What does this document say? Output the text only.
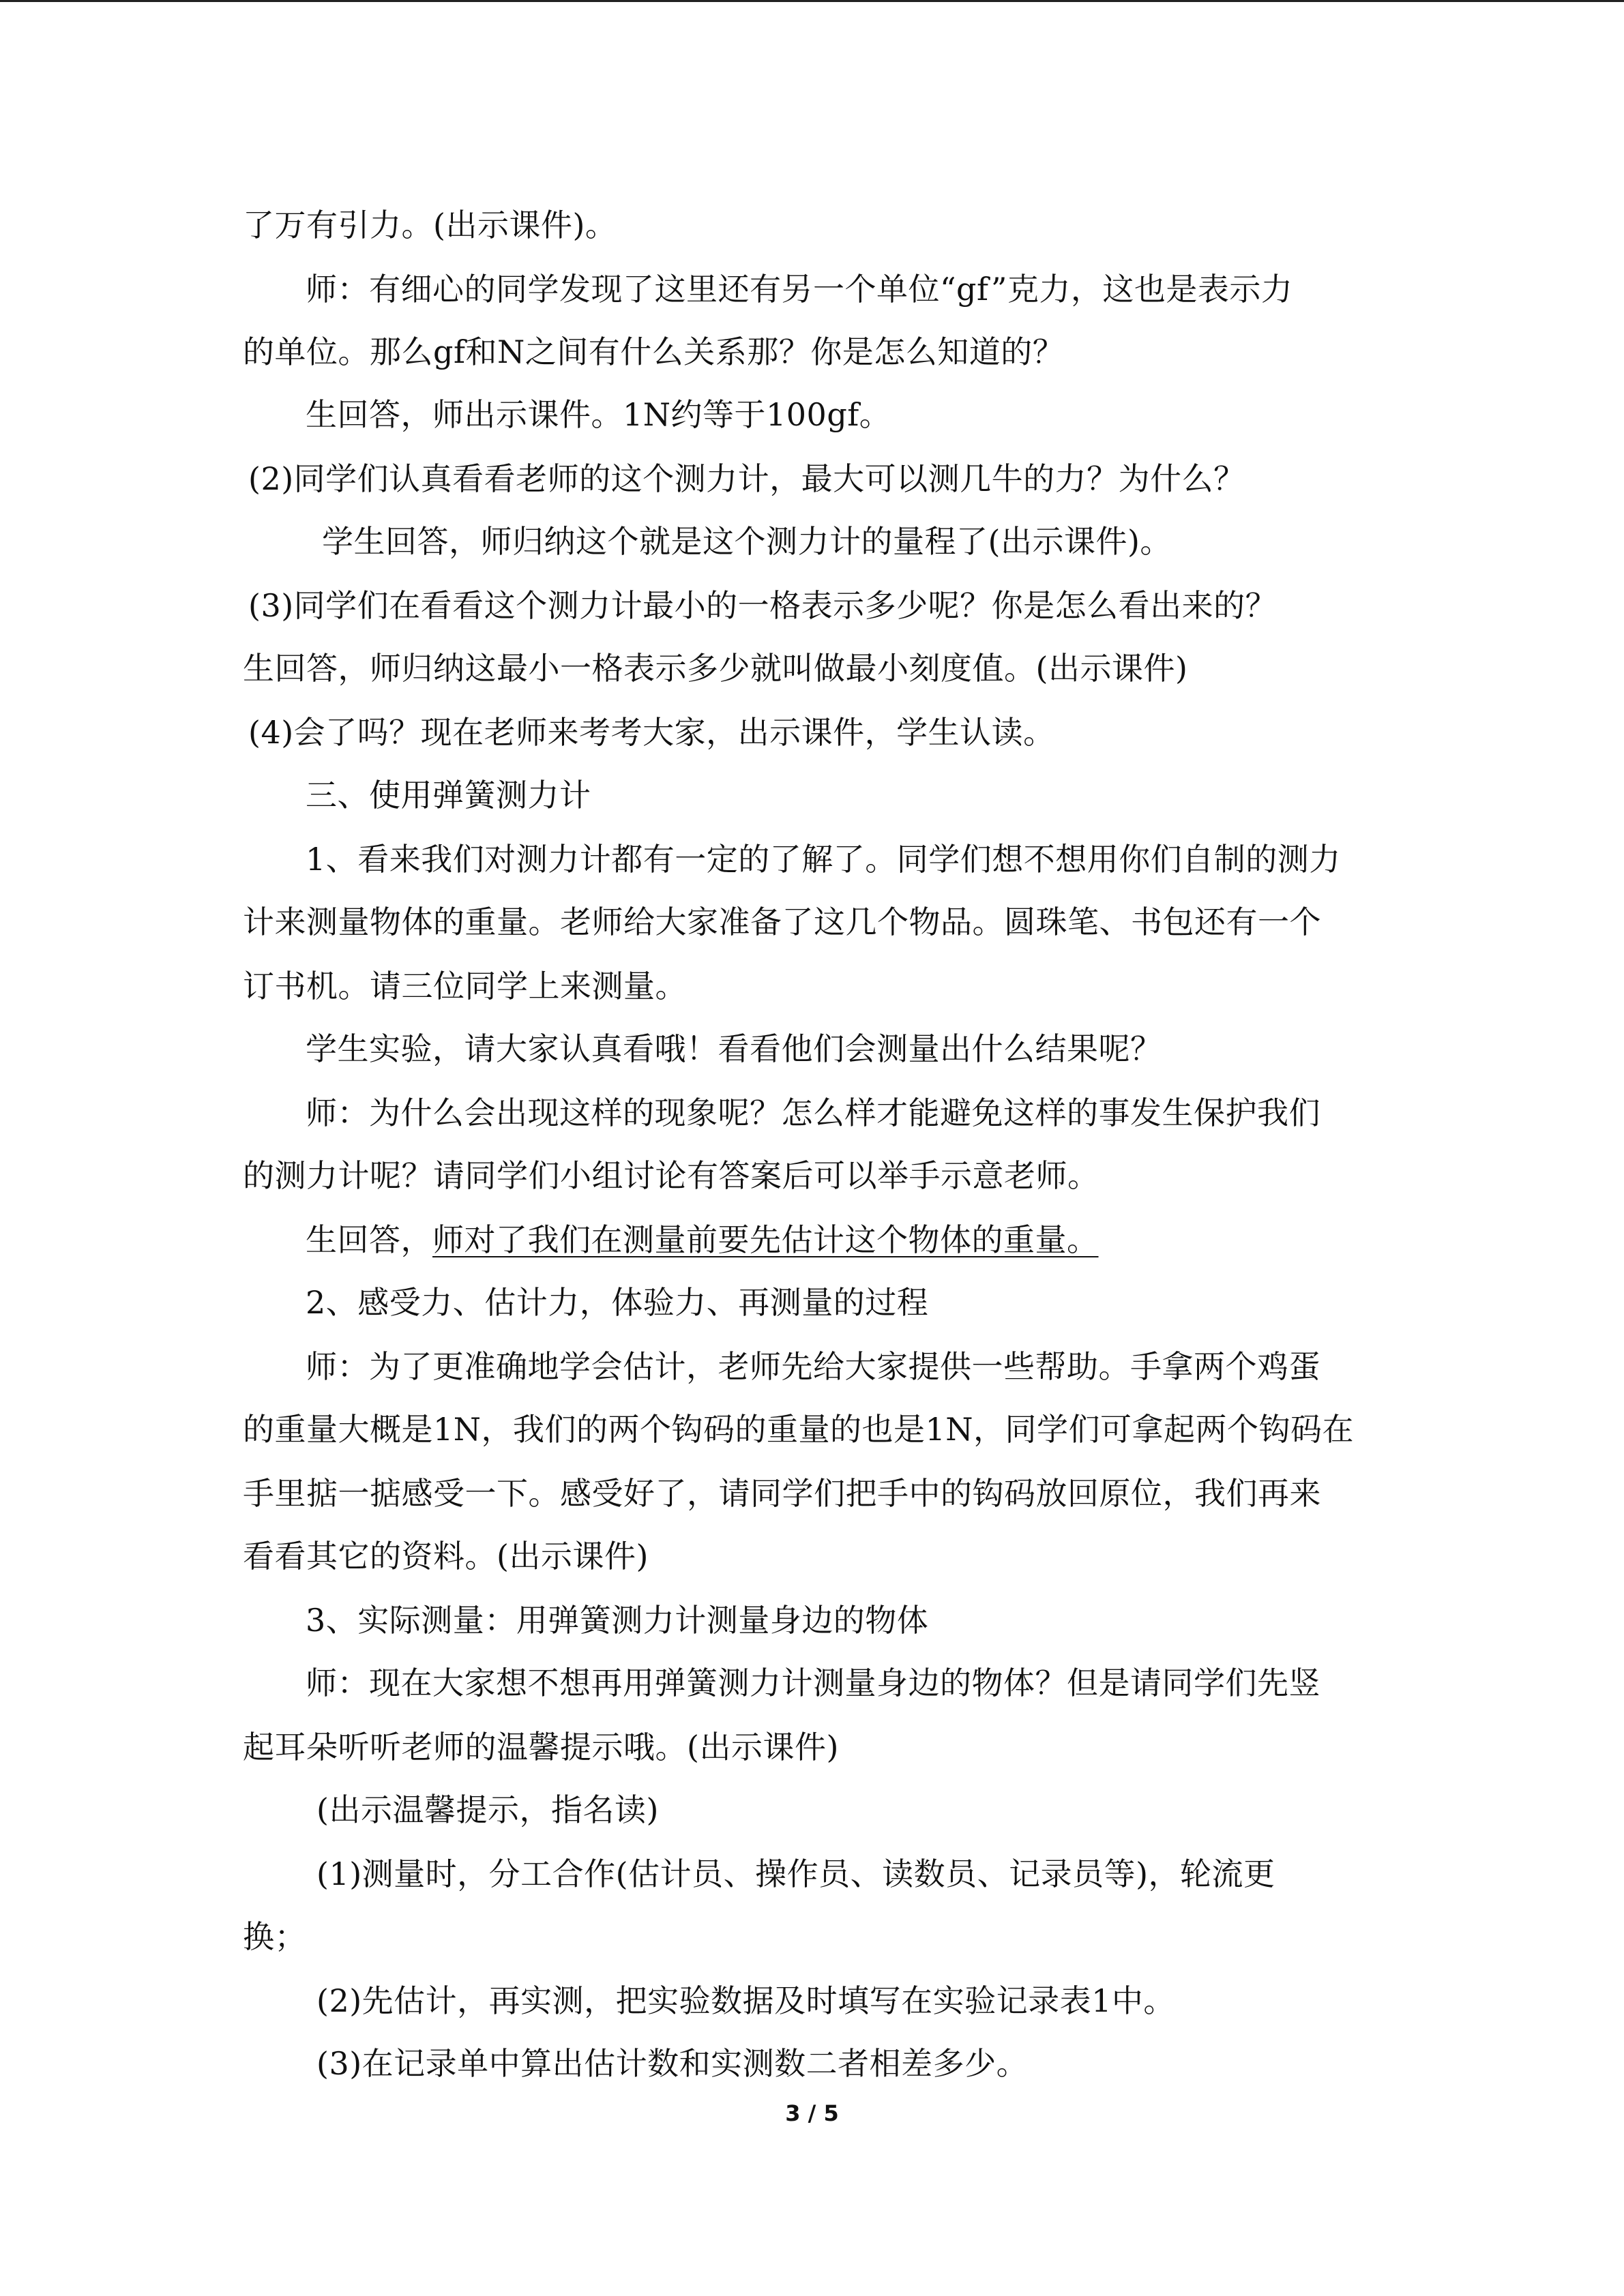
了万有引力。(出示课件)。
师：有细心的同学发现了这里还有另一个单位“gf”克力，这也是表示力
的单位。那么gf和N之间有什么关系那？你是怎么知道的？
生回答，师出示课件。1N约等于100gf。
(2)同学们认真看看老师的这个测力计，最大可以测几牛的力？为什么？
学生回答，师归纳这个就是这个测力计的量程了(出示课件)。
(3)同学们在看看这个测力计最小的一格表示多少呢？你是怎么看出来的？
生回答，师归纳这最小一格表示多少就叫做最小刻度值。(出示课件)
(4)会了吗？现在老师来考考大家，出示课件，学生认读。
三、使用弹簧测力计
1、看来我们对测力计都有一定的了解了。同学们想不想用你们自制的测力
计来测量物体的重量。老师给大家准备了这几个物品。圆珠笔、书包还有一个
订书机。请三位同学上来测量。
学生实验，请大家认真看哦！看看他们会测量出什么结果呢？
师：为什么会出现这样的现象呢？怎么样才能避免这样的事发生保护我们
的测力计呢？请同学们小组讨论有答案后可以举手示意老师。
生回答，师对了我们在测量前要先估计这个物体的重量。
2、感受力、估计力，体验力、再测量的过程
师：为了更准确地学会估计，老师先给大家提供一些帮助。手拿两个鸡蛋
的重量大概是1N，我们的两个钩码的重量的也是1N，同学们可拿起两个钩码在
手里掂一掂感受一下。感受好了，请同学们把手中的钩码放回原位，我们再来
看看其它的资料。(出示课件)
3、实际测量：用弹簧测力计测量身边的物体
师：现在大家想不想再用弹簧测力计测量身边的物体？但是请同学们先竖
起耳朵听听老师的温馨提示哦。(出示课件)
(出示温馨提示，指名读)
(1)测量时，分工合作(估计员、操作员、读数员、记录员等)，轮流更
换；
(2)先估计，再实测，把实验数据及时填写在实验记录表1中。
(3)在记录单中算出估计数和实测数二者相差多少。
3 / 5
